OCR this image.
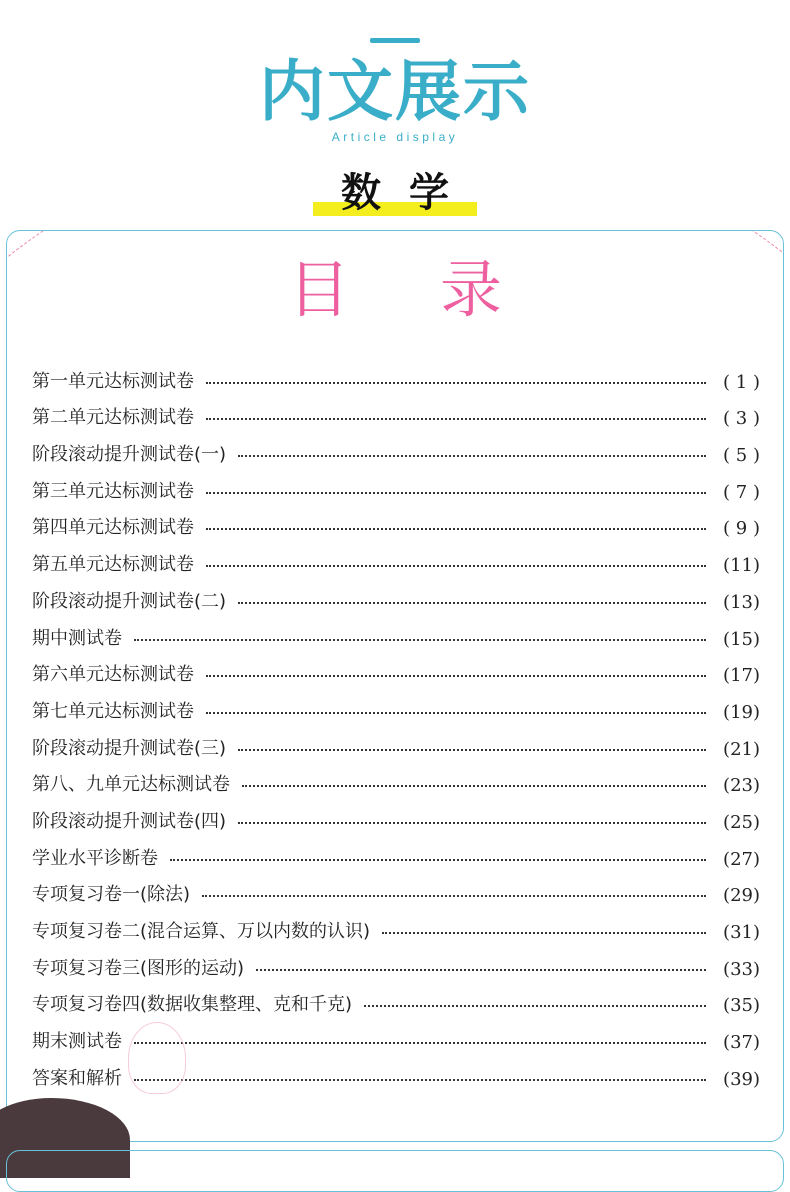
内文展示
Article display
数学
目录
第一单元达标测试卷	( 1 )
第二单元达标测试卷	( 3 )
阶段滚动提升测试卷(一)	( 5 )
第三单元达标测试卷	( 7 )
第四单元达标测试卷	( 9 )
第五单元达标测试卷	(11)
阶段滚动提升测试卷(二)	(13)
期中测试卷	(15)
第六单元达标测试卷	(17)
第七单元达标测试卷	(19)
阶段滚动提升测试卷(三)	(21)
第八、九单元达标测试卷	(23)
阶段滚动提升测试卷(四)	(25)
学业水平诊断卷	(27)
专项复习卷一(除法)	(29)
专项复习卷二(混合运算、万以内数的认识)	(31)
专项复习卷三(图形的运动)	(33)
专项复习卷四(数据收集整理、克和千克)	(35)
期末测试卷	(37)
答案和解析	(39)
